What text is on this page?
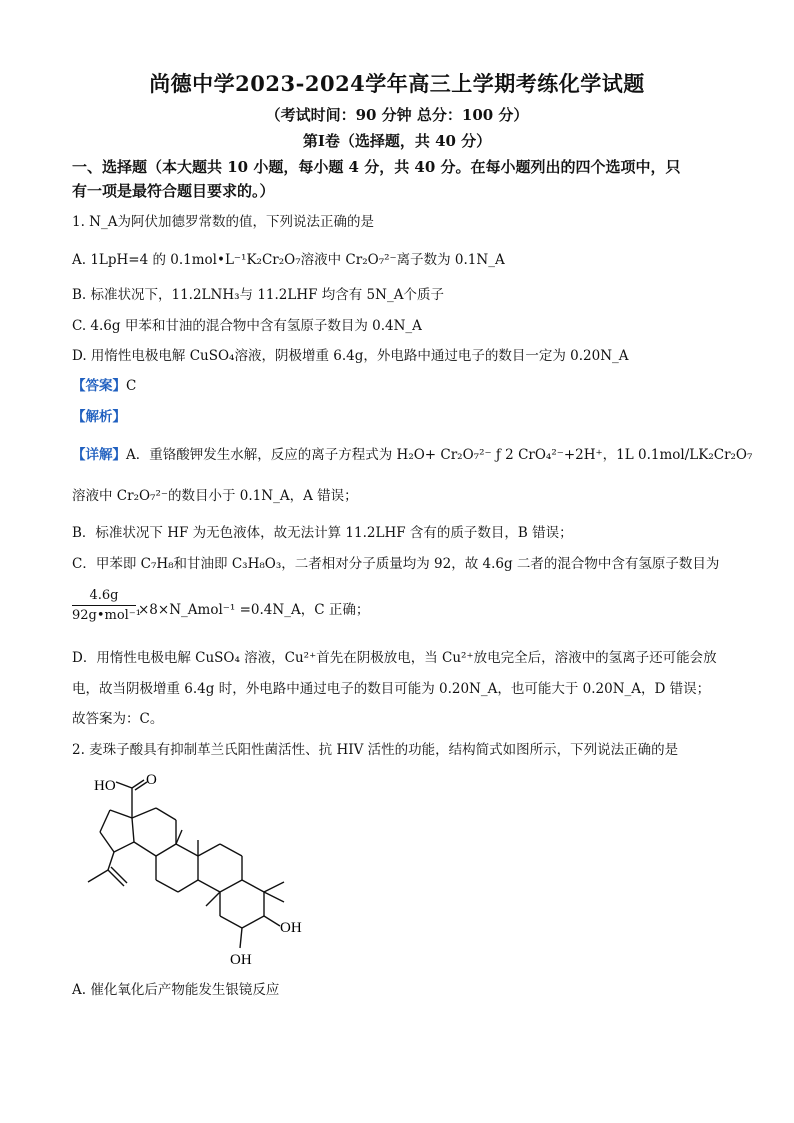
尚德中学2023-2024学年高三上学期考练化学试题
（考试时间：90 分钟 总分：100 分）
第Ⅰ卷（选择题，共 40 分）
一、选择题（本大题共 10 小题，每小题 4 分，共 40 分。在每小题列出的四个选项中，只
有一项是最符合题目要求的。）
1. N_A为阿伏加德罗常数的值，下列说法正确的是
A. 1LpH=4 的 0.1mol•L⁻¹K₂Cr₂O₇溶液中 Cr₂O₇²⁻离子数为 0.1N_A
B. 标准状况下，11.2LNH₃与 11.2LHF 均含有 5N_A个质子
C. 4.6g 甲苯和甘油的混合物中含有氢原子数目为 0.4N_A
D. 用惰性电极电解 CuSO₄溶液，阴极增重 6.4g，外电路中通过电子的数目一定为 0.20N_A
【答案】C
【解析】
【详解】A．重铬酸钾发生水解，反应的离子方程式为 H₂O+ Cr₂O₇²⁻ ƒ 2 CrO₄²⁻+2H⁺，1L 0.1mol/LK₂Cr₂O₇
溶液中 Cr₂O₇²⁻的数目小于 0.1N_A，A 错误；
B．标准状况下 HF 为无色液体，故无法计算 11.2LHF 含有的质子数目，B 错误；
C．甲苯即 C₇H₈和甘油即 C₃H₈O₃，二者相对分子质量均为 92，故 4.6g 二者的混合物中含有氢原子数目为
4.6g
92g•mol⁻¹
×8×N_Amol⁻¹ =0.4N_A，C 正确；
D．用惰性电极电解 CuSO₄ 溶液，Cu²⁺首先在阴极放电，当 Cu²⁺放电完全后，溶液中的氢离子还可能会放
电，故当阴极增重 6.4g 时，外电路中通过电子的数目可能为 0.20N_A，也可能大于 0.20N_A，D 错误；
故答案为：C。
2. 麦珠子酸具有抑制革兰氏阳性菌活性、抗 HIV 活性的功能，结构简式如图所示，下列说法正确的是
HO O
OH
OH
A. 催化氧化后产物能发生银镜反应
